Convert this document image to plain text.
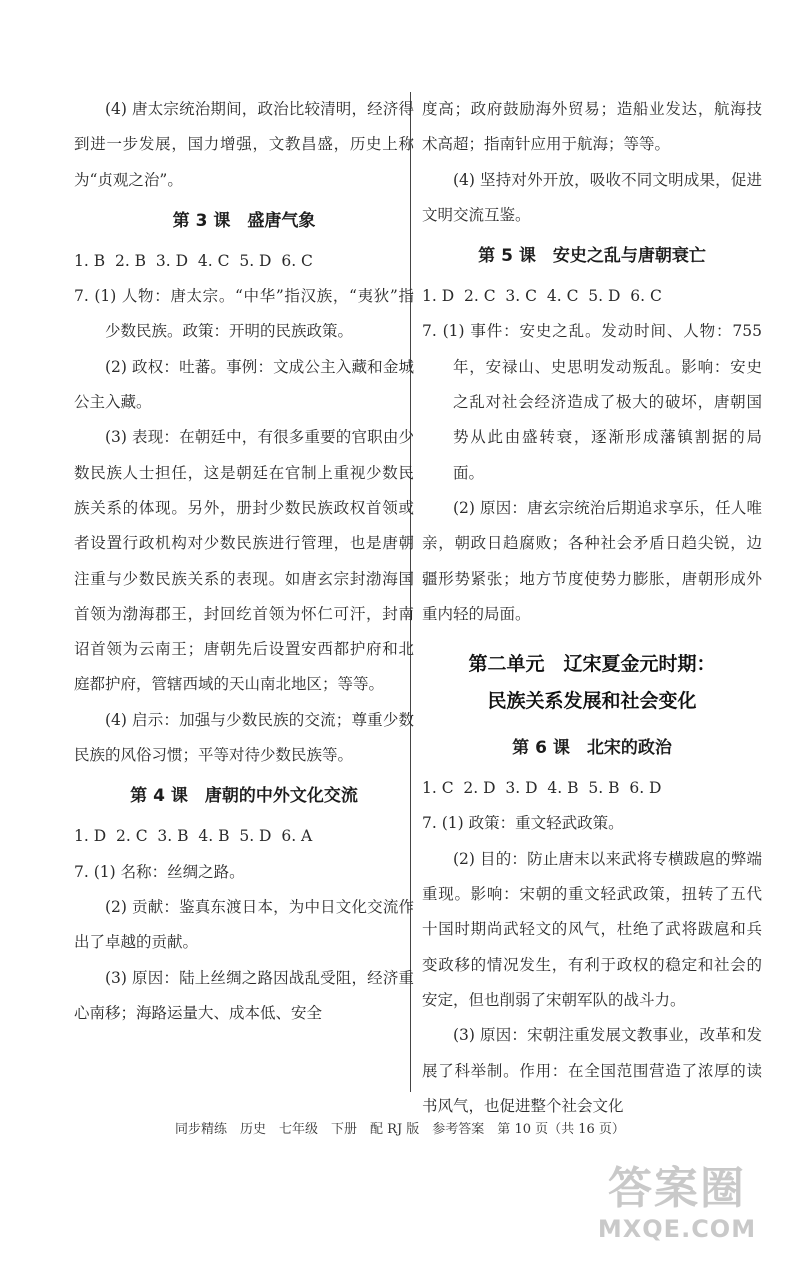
(4) 唐太宗统治期间，政治比较清明，经济得到进一步发展，国力增强，文教昌盛，历史上称为“贞观之治”。

第 3 课　盛唐气象

1. B  2. B  3. D  4. C  5. D  6. C

7. (1) 人物：唐太宗。“中华”指汉族，“夷狄”指少数民族。政策：开明的民族政策。

(2) 政权：吐蕃。事例：文成公主入藏和金城公主入藏。

(3) 表现：在朝廷中，有很多重要的官职由少数民族人士担任，这是朝廷在官制上重视少数民族关系的体现。另外，册封少数民族政权首领或者设置行政机构对少数民族进行管理，也是唐朝注重与少数民族关系的表现。如唐玄宗封渤海国首领为渤海郡王，封回纥首领为怀仁可汗，封南诏首领为云南王；唐朝先后设置安西都护府和北庭都护府，管辖西域的天山南北地区；等等。

(4) 启示：加强与少数民族的交流；尊重少数民族的风俗习惯；平等对待少数民族等。

第 4 课　唐朝的中外文化交流

1. D  2. C  3. B  4. B  5. D  6. A

7. (1) 名称：丝绸之路。

(2) 贡献：鉴真东渡日本，为中日文化交流作出了卓越的贡献。

(3) 原因：陆上丝绸之路因战乱受阻，经济重心南移；海路运量大、成本低、安全

度高；政府鼓励海外贸易；造船业发达，航海技术高超；指南针应用于航海；等等。

(4) 坚持对外开放，吸收不同文明成果，促进文明交流互鉴。

第 5 课　安史之乱与唐朝衰亡

1. D  2. C  3. C  4. C  5. D  6. C

7. (1) 事件：安史之乱。发动时间、人物：755 年，安禄山、史思明发动叛乱。影响：安史之乱对社会经济造成了极大的破坏，唐朝国势从此由盛转衰，逐渐形成藩镇割据的局面。

(2) 原因：唐玄宗统治后期追求享乐，任人唯亲，朝政日趋腐败；各种社会矛盾日趋尖锐，边疆形势紧张；地方节度使势力膨胀，唐朝形成外重内轻的局面。

第二单元　辽宋夏金元时期：
民族关系发展和社会变化
第 6 课　北宋的政治

1. C  2. D  3. D  4. B  5. B  6. D

7. (1) 政策：重文轻武政策。

(2) 目的：防止唐末以来武将专横跋扈的弊端重现。影响：宋朝的重文轻武政策，扭转了五代十国时期尚武轻文的风气，杜绝了武将跋扈和兵变政移的情况发生，有利于政权的稳定和社会的安定，但也削弱了宋朝军队的战斗力。

(3) 原因：宋朝注重发展文教事业，改革和发展了科举制。作用：在全国范围营造了浓厚的读书风气，也促进整个社会文化

同步精练　历史　七年级　下册　配 RJ 版　参考答案　第 10 页（共 16 页）
答案圈
MXQE.COM
